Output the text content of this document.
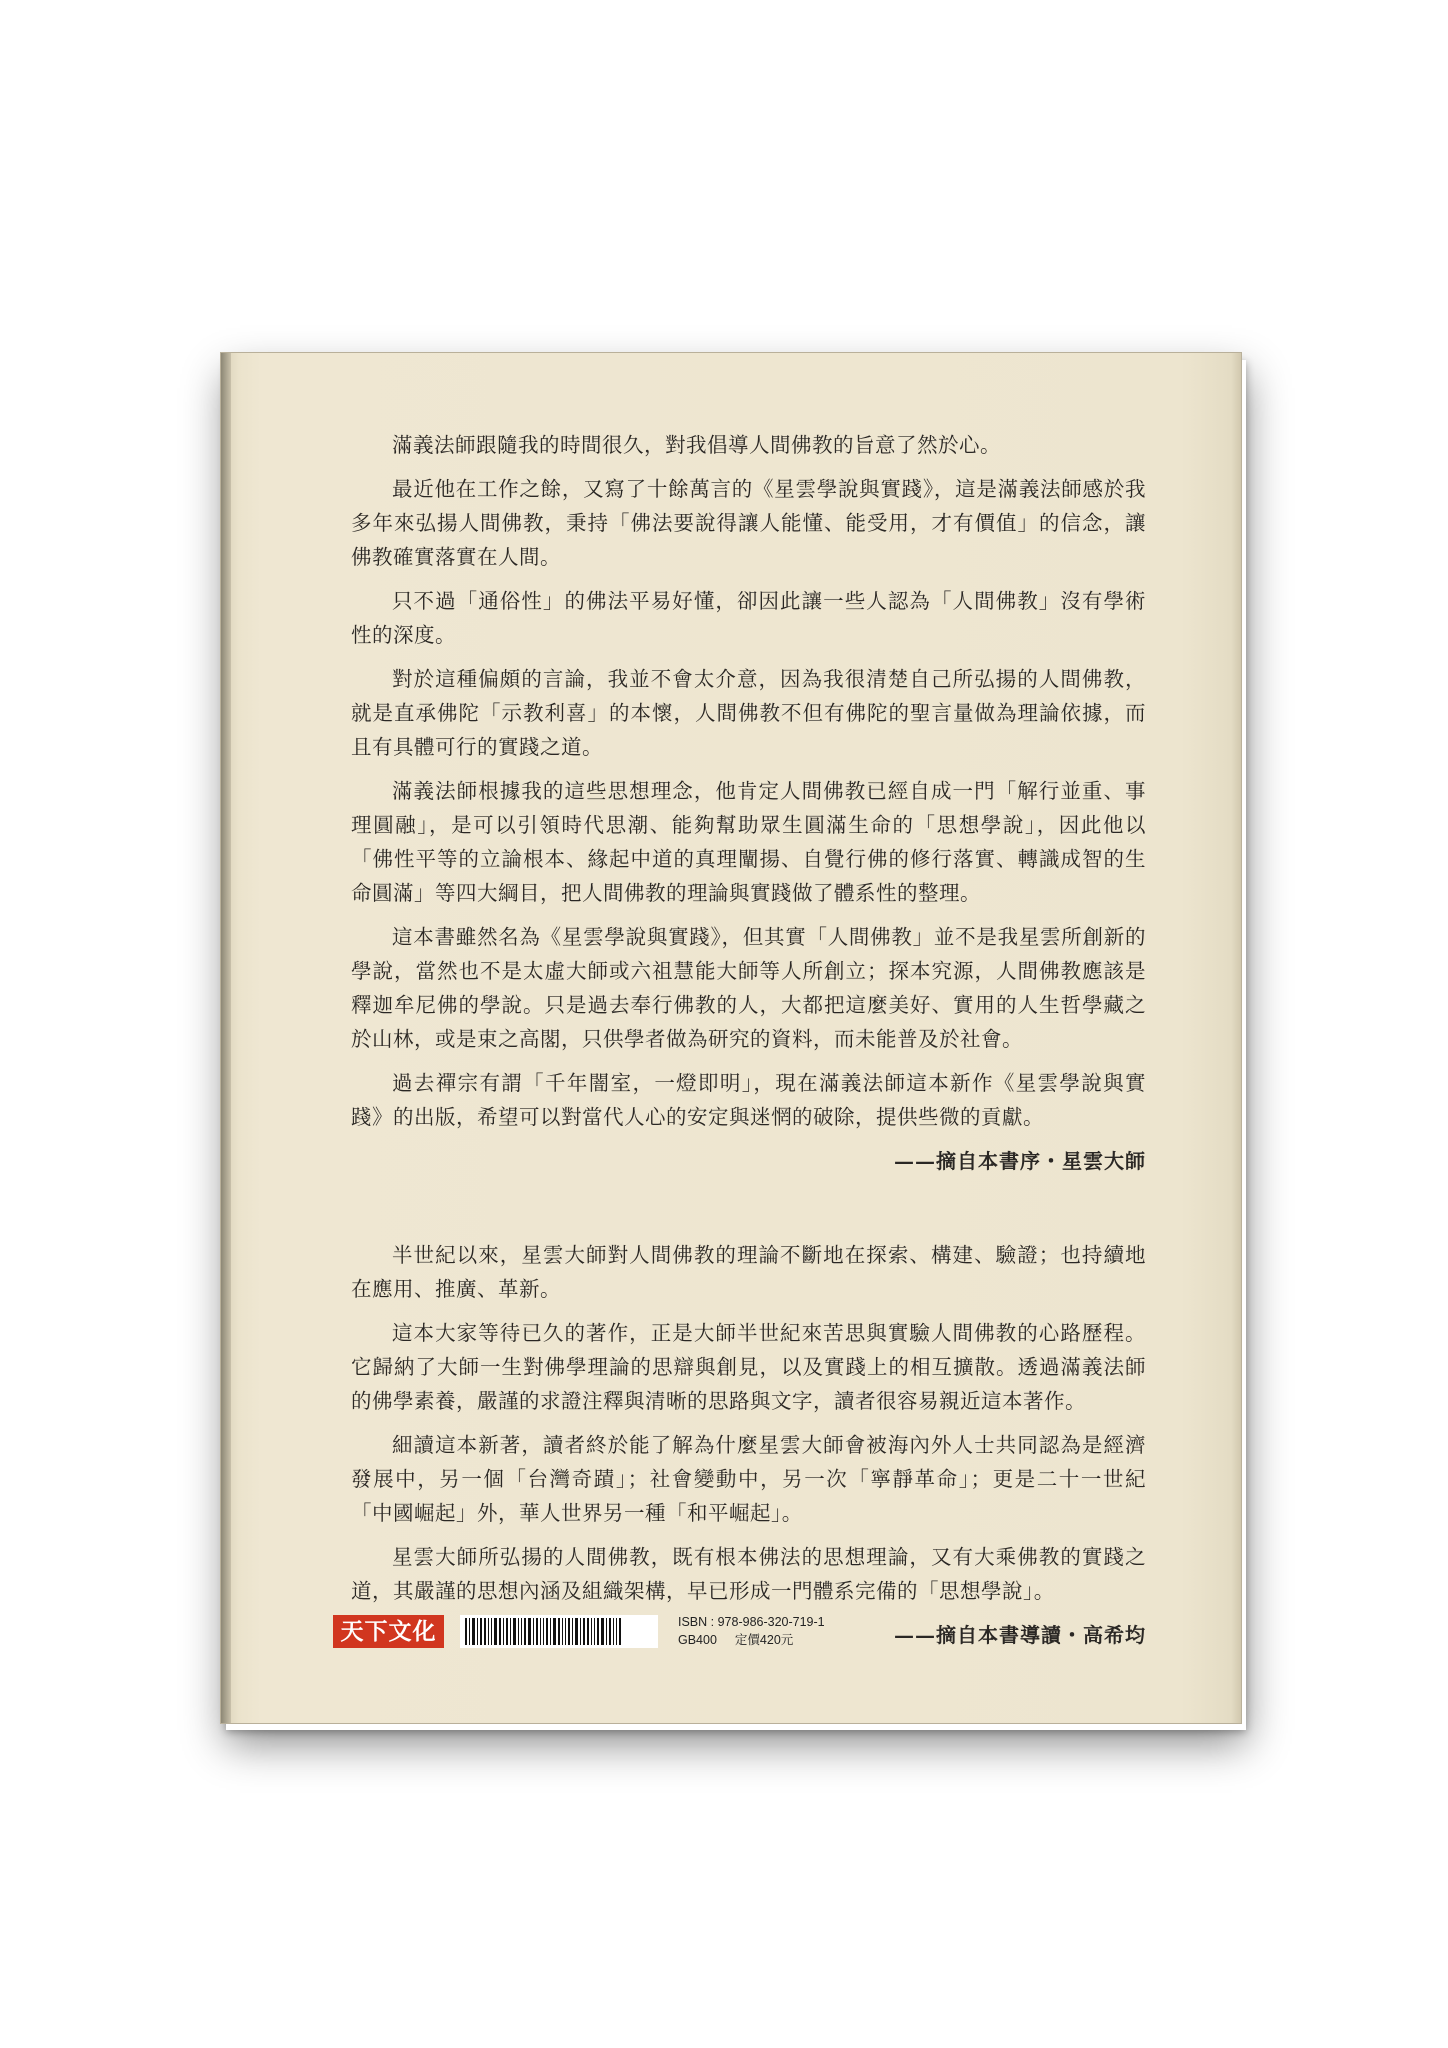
滿義法師跟隨我的時間很久，對我倡導人間佛教的旨意了然於心。

最近他在工作之餘，又寫了十餘萬言的《星雲學說與實踐》，這是滿義法師感於我多年來弘揚人間佛教，秉持「佛法要說得讓人能懂、能受用，才有價值」的信念，讓佛教確實落實在人間。

只不過「通俗性」的佛法平易好懂，卻因此讓一些人認為「人間佛教」沒有學術性的深度。

對於這種偏頗的言論，我並不會太介意，因為我很清楚自己所弘揚的人間佛教，就是直承佛陀「示教利喜」的本懷，人間佛教不但有佛陀的聖言量做為理論依據，而且有具體可行的實踐之道。

滿義法師根據我的這些思想理念，他肯定人間佛教已經自成一門「解行並重、事理圓融」，是可以引領時代思潮、能夠幫助眾生圓滿生命的「思想學說」，因此他以「佛性平等的立論根本、緣起中道的真理闡揚、自覺行佛的修行落實、轉識成智的生命圓滿」等四大綱目，把人間佛教的理論與實踐做了體系性的整理。

這本書雖然名為《星雲學說與實踐》，但其實「人間佛教」並不是我星雲所創新的學說，當然也不是太虛大師或六祖慧能大師等人所創立；探本究源，人間佛教應該是釋迦牟尼佛的學說。只是過去奉行佛教的人，大都把這麼美好、實用的人生哲學藏之於山林，或是束之高閣，只供學者做為研究的資料，而未能普及於社會。

過去禪宗有謂「千年闇室，一燈即明」，現在滿義法師這本新作《星雲學說與實踐》的出版，希望可以對當代人心的安定與迷惘的破除，提供些微的貢獻。

——摘自本書序・星雲大師

半世紀以來，星雲大師對人間佛教的理論不斷地在探索、構建、驗證；也持續地在應用、推廣、革新。

這本大家等待已久的著作，正是大師半世紀來苦思與實驗人間佛教的心路歷程。它歸納了大師一生對佛學理論的思辯與創見，以及實踐上的相互擴散。透過滿義法師的佛學素養，嚴謹的求證注釋與清晰的思路與文字，讀者很容易親近這本著作。

細讀這本新著，讀者終於能了解為什麼星雲大師會被海內外人士共同認為是經濟發展中，另一個「台灣奇蹟」；社會變動中，另一次「寧靜革命」；更是二十一世紀「中國崛起」外，華人世界另一種「和平崛起」。

星雲大師所弘揚的人間佛教，既有根本佛法的思想理論，又有大乘佛教的實踐之道，其嚴謹的思想內涵及組織架構，早已形成一門體系完備的「思想學說」。

——摘自本書導讀・高希均

天下文化	ISBN : 978-986-320-719-1
GB400 定價420元
